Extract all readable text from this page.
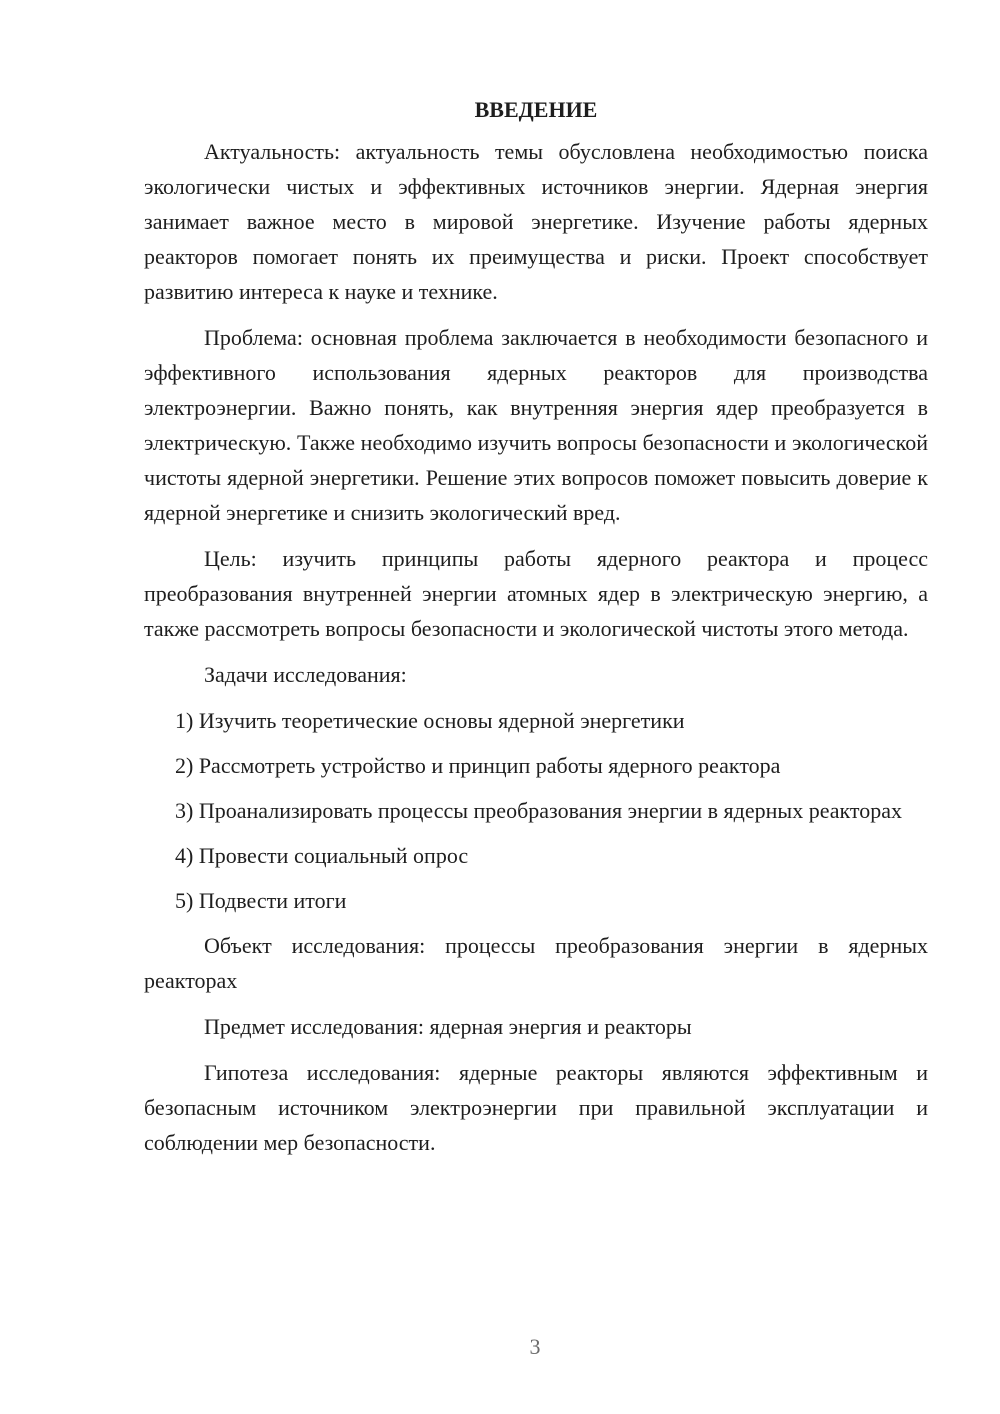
ВВЕДЕНИЕ

Актуальность: актуальность темы обусловлена необходимостью поиска экологически чистых и эффективных источников энергии. Ядерная энергия занимает важное место в мировой энергетике. Изучение работы ядерных реакторов помогает понять их преимущества и риски. Проект способствует развитию интереса к науке и технике.

Проблема: основная проблема заключается в необходимости безопасного и эффективного использования ядерных реакторов для производства электроэнергии. Важно понять, как внутренняя энергия ядер преобразуется в электрическую. Также необходимо изучить вопросы безопасности и экологической чистоты ядерной энергетики. Решение этих вопросов поможет повысить доверие к ядерной энергетике и снизить экологический вред.

Цель: изучить принципы работы ядерного реактора и процесс преобразования внутренней энергии атомных ядер в электрическую энергию, а также рассмотреть вопросы безопасности и экологической чистоты этого метода.

Задачи исследования:

1) Изучить теоретические основы ядерной энергетики

2) Рассмотреть устройство и принцип работы ядерного реактора

3) Проанализировать процессы преобразования энергии в ядерных реакторах

4) Провести социальный опрос

5) Подвести итоги

Объект исследования: процессы преобразования энергии в ядерных реакторах

Предмет исследования: ядерная энергия и реакторы

Гипотеза исследования: ядерные реакторы являются эффективным и безопасным источником электроэнергии при правильной эксплуатации и соблюдении мер безопасности.

3
